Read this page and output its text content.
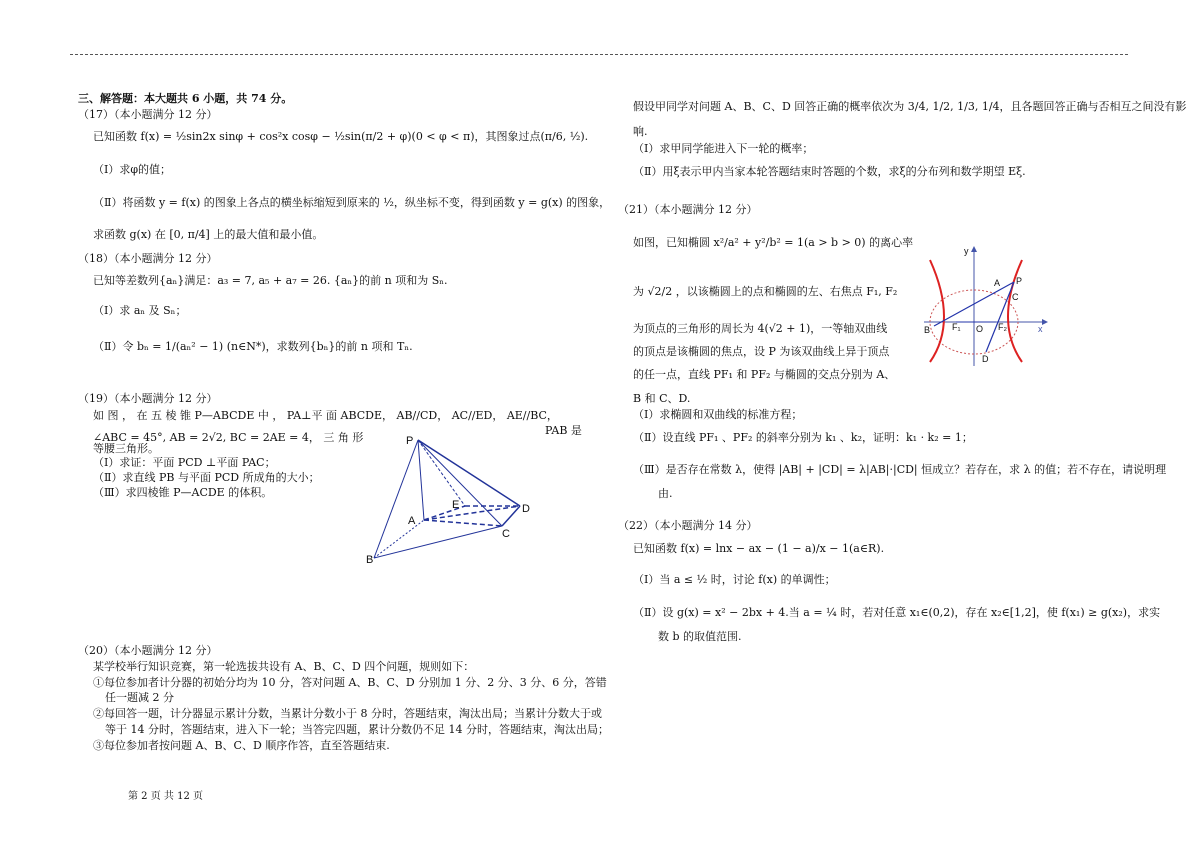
三、解答题：本大题共 6 小题，共 74 分。
（17）（本小题满分 12 分）
已知函数 f(x) = ½sin2x sinφ + cos²x cosφ − ½sin(π/2 + φ)(0 < φ < π)，其图象过点(π/6, ½).
（Ⅰ）求φ的值；
（Ⅱ）将函数 y = f(x) 的图象上各点的横坐标缩短到原来的 ½，纵坐标不变，得到函数 y = g(x) 的图象，
求函数 g(x) 在 [0, π/4] 上的最大值和最小值。
（18）（本小题满分 12 分）
已知等差数列{aₙ}满足：a₃ = 7, a₅ + a₇ = 26. {aₙ}的前 n 项和为 Sₙ.
（Ⅰ）求 aₙ 及 Sₙ；
（Ⅱ）令 bₙ = 1/(aₙ² − 1) (n∈N*)，求数列{bₙ}的前 n 项和 Tₙ.
（19）（本小题满分 12 分）
如 图 ， 在 五 棱 锥 P—ABCDE 中 ， PA⊥平 面 ABCDE， AB//CD， AC//ED， AE//BC，
∠ABC = 45°, AB = 2√2, BC = 2AE = 4， 三 角 形
PAB 是
等腰三角形。
（Ⅰ）求证：平面 PCD ⊥平面 PAC；
（Ⅱ）求直线 PB 与平面 PCD 所成角的大小；
（Ⅲ）求四棱锥 P—ACDE 的体积。
P
A
B
C
D
E
（20）（本小题满分 12 分）
某学校举行知识竞赛，第一轮选拔共设有 A、B、C、D 四个问题，规则如下：
①每位参加者计分器的初始分均为 10 分，答对问题 A、B、C、D 分别加 1 分、2 分、3 分、6 分，答错
任一题减 2 分
②每回答一题，计分器显示累计分数，当累计分数小于 8 分时，答题结束，淘汰出局；当累计分数大于或
等于 14 分时，答题结束，进入下一轮；当答完四题，累计分数仍不足 14 分时，答题结束，淘汰出局；
③每位参加者按问题 A、B、C、D 顺序作答，直至答题结束.
第 2 页 共 12 页
假设甲同学对问题 A、B、C、D 回答正确的概率依次为 3/4, 1/2, 1/3, 1/4，且各题回答正确与否相互之间没有影
响.
（Ⅰ）求甲同学能进入下一轮的概率；
（Ⅱ）用ξ表示甲内当家本轮答题结束时答题的个数，求ξ的分布列和数学期望 Eξ.
（21）（本小题满分 12 分）
如图，已知椭圆 x²/a² + y²/b² = 1(a > b > 0) 的离心率
为 √2/2 ，以该椭圆上的点和椭圆的左、右焦点 F₁, F₂
为顶点的三角形的周长为 4(√2 + 1)，一等轴双曲线
的顶点是该椭圆的焦点，设 P 为该双曲线上异于顶点
的任一点，直线 PF₁ 和 PF₂ 与椭圆的交点分别为 A、
B 和 C、D.
（Ⅰ）求椭圆和双曲线的标准方程；
（Ⅱ）设直线 PF₁ 、PF₂ 的斜率分别为 k₁ 、k₂，证明：k₁ · k₂ = 1；
（Ⅲ）是否存在常数 λ，使得 |AB| + |CD| = λ|AB|·|CD| 恒成立？若存在，求 λ 的值；若不存在，请说明理
由.
y
x
O
A
B
C
D
P
F₁	F₂
（22）（本小题满分 14 分）
已知函数 f(x) = lnx − ax − (1 − a)/x − 1(a∈R).
（Ⅰ）当 a ≤ ½ 时，讨论 f(x) 的单调性；
（Ⅱ）设 g(x) = x² − 2bx + 4.当 a = ¼ 时，若对任意 x₁∈(0,2)，存在 x₂∈[1,2]，使 f(x₁) ≥ g(x₂)，求实
数 b 的取值范围.
